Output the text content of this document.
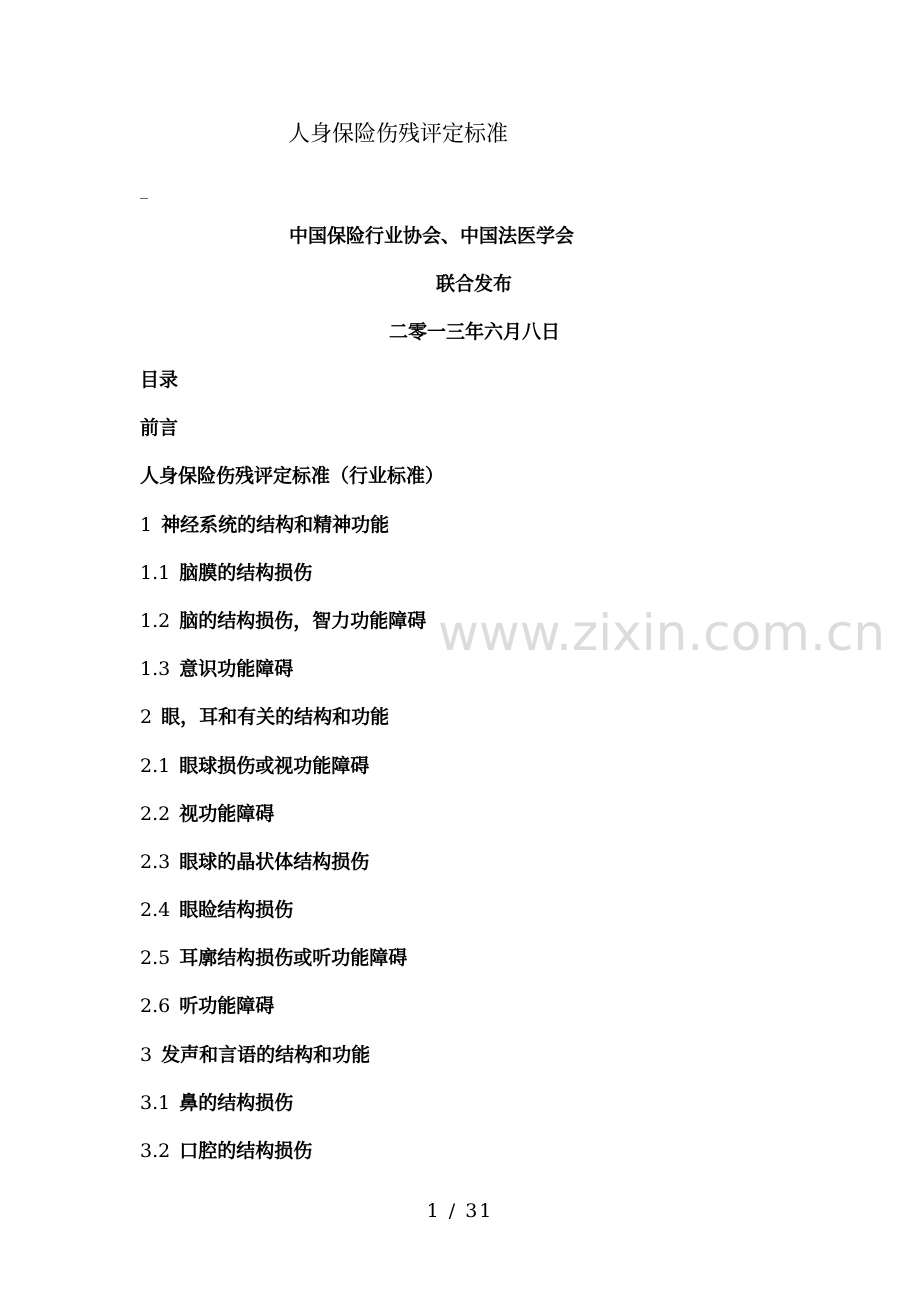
人身保险伤残评定标准
_
中国保险行业协会、中国法医学会
联合发布
二零一三年六月八日
目录
前言
人身保险伤残评定标准（行业标准）
1 神经系统的结构和精神功能
1.1 脑膜的结构损伤
1.2 脑的结构损伤，智力功能障碍
1.3 意识功能障碍
2 眼，耳和有关的结构和功能
2.1 眼球损伤或视功能障碍
2.2 视功能障碍
2.3 眼球的晶状体结构损伤
2.4 眼睑结构损伤
2.5 耳廓结构损伤或听功能障碍
2.6 听功能障碍
3 发声和言语的结构和功能
3.1 鼻的结构损伤
3.2 口腔的结构损伤
www.zixin.com.cn
1 / 31
